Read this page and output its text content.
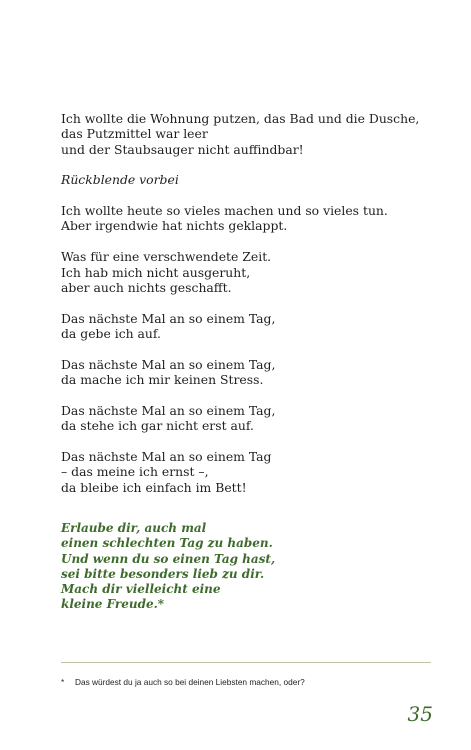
Ich wollte die Wohnung putzen, das Bad und die Dusche,
das Putzmittel war leer
und der Staubsauger nicht auffindbar!
Rückblende vorbei
Ich wollte heute so vieles machen und so vieles tun.
Aber irgendwie hat nichts geklappt.
Was für eine verschwendete Zeit.
Ich hab mich nicht ausgeruht,
aber auch nichts geschafft.
Das nächste Mal an so einem Tag,
da gebe ich auf.
Das nächste Mal an so einem Tag,
da mache ich mir keinen Stress.
Das nächste Mal an so einem Tag,
da stehe ich gar nicht erst auf.
Das nächste Mal an so einem Tag
– das meine ich ernst –,
da bleibe ich einfach im Bett!
Erlaube dir, auch mal
einen schlechten Tag zu haben.
Und wenn du so einen Tag hast,
sei bitte besonders lieb zu dir.
Mach dir vielleicht eine
kleine Freude.*
* Das würdest du ja auch so bei deinen Liebsten machen, oder?
35
